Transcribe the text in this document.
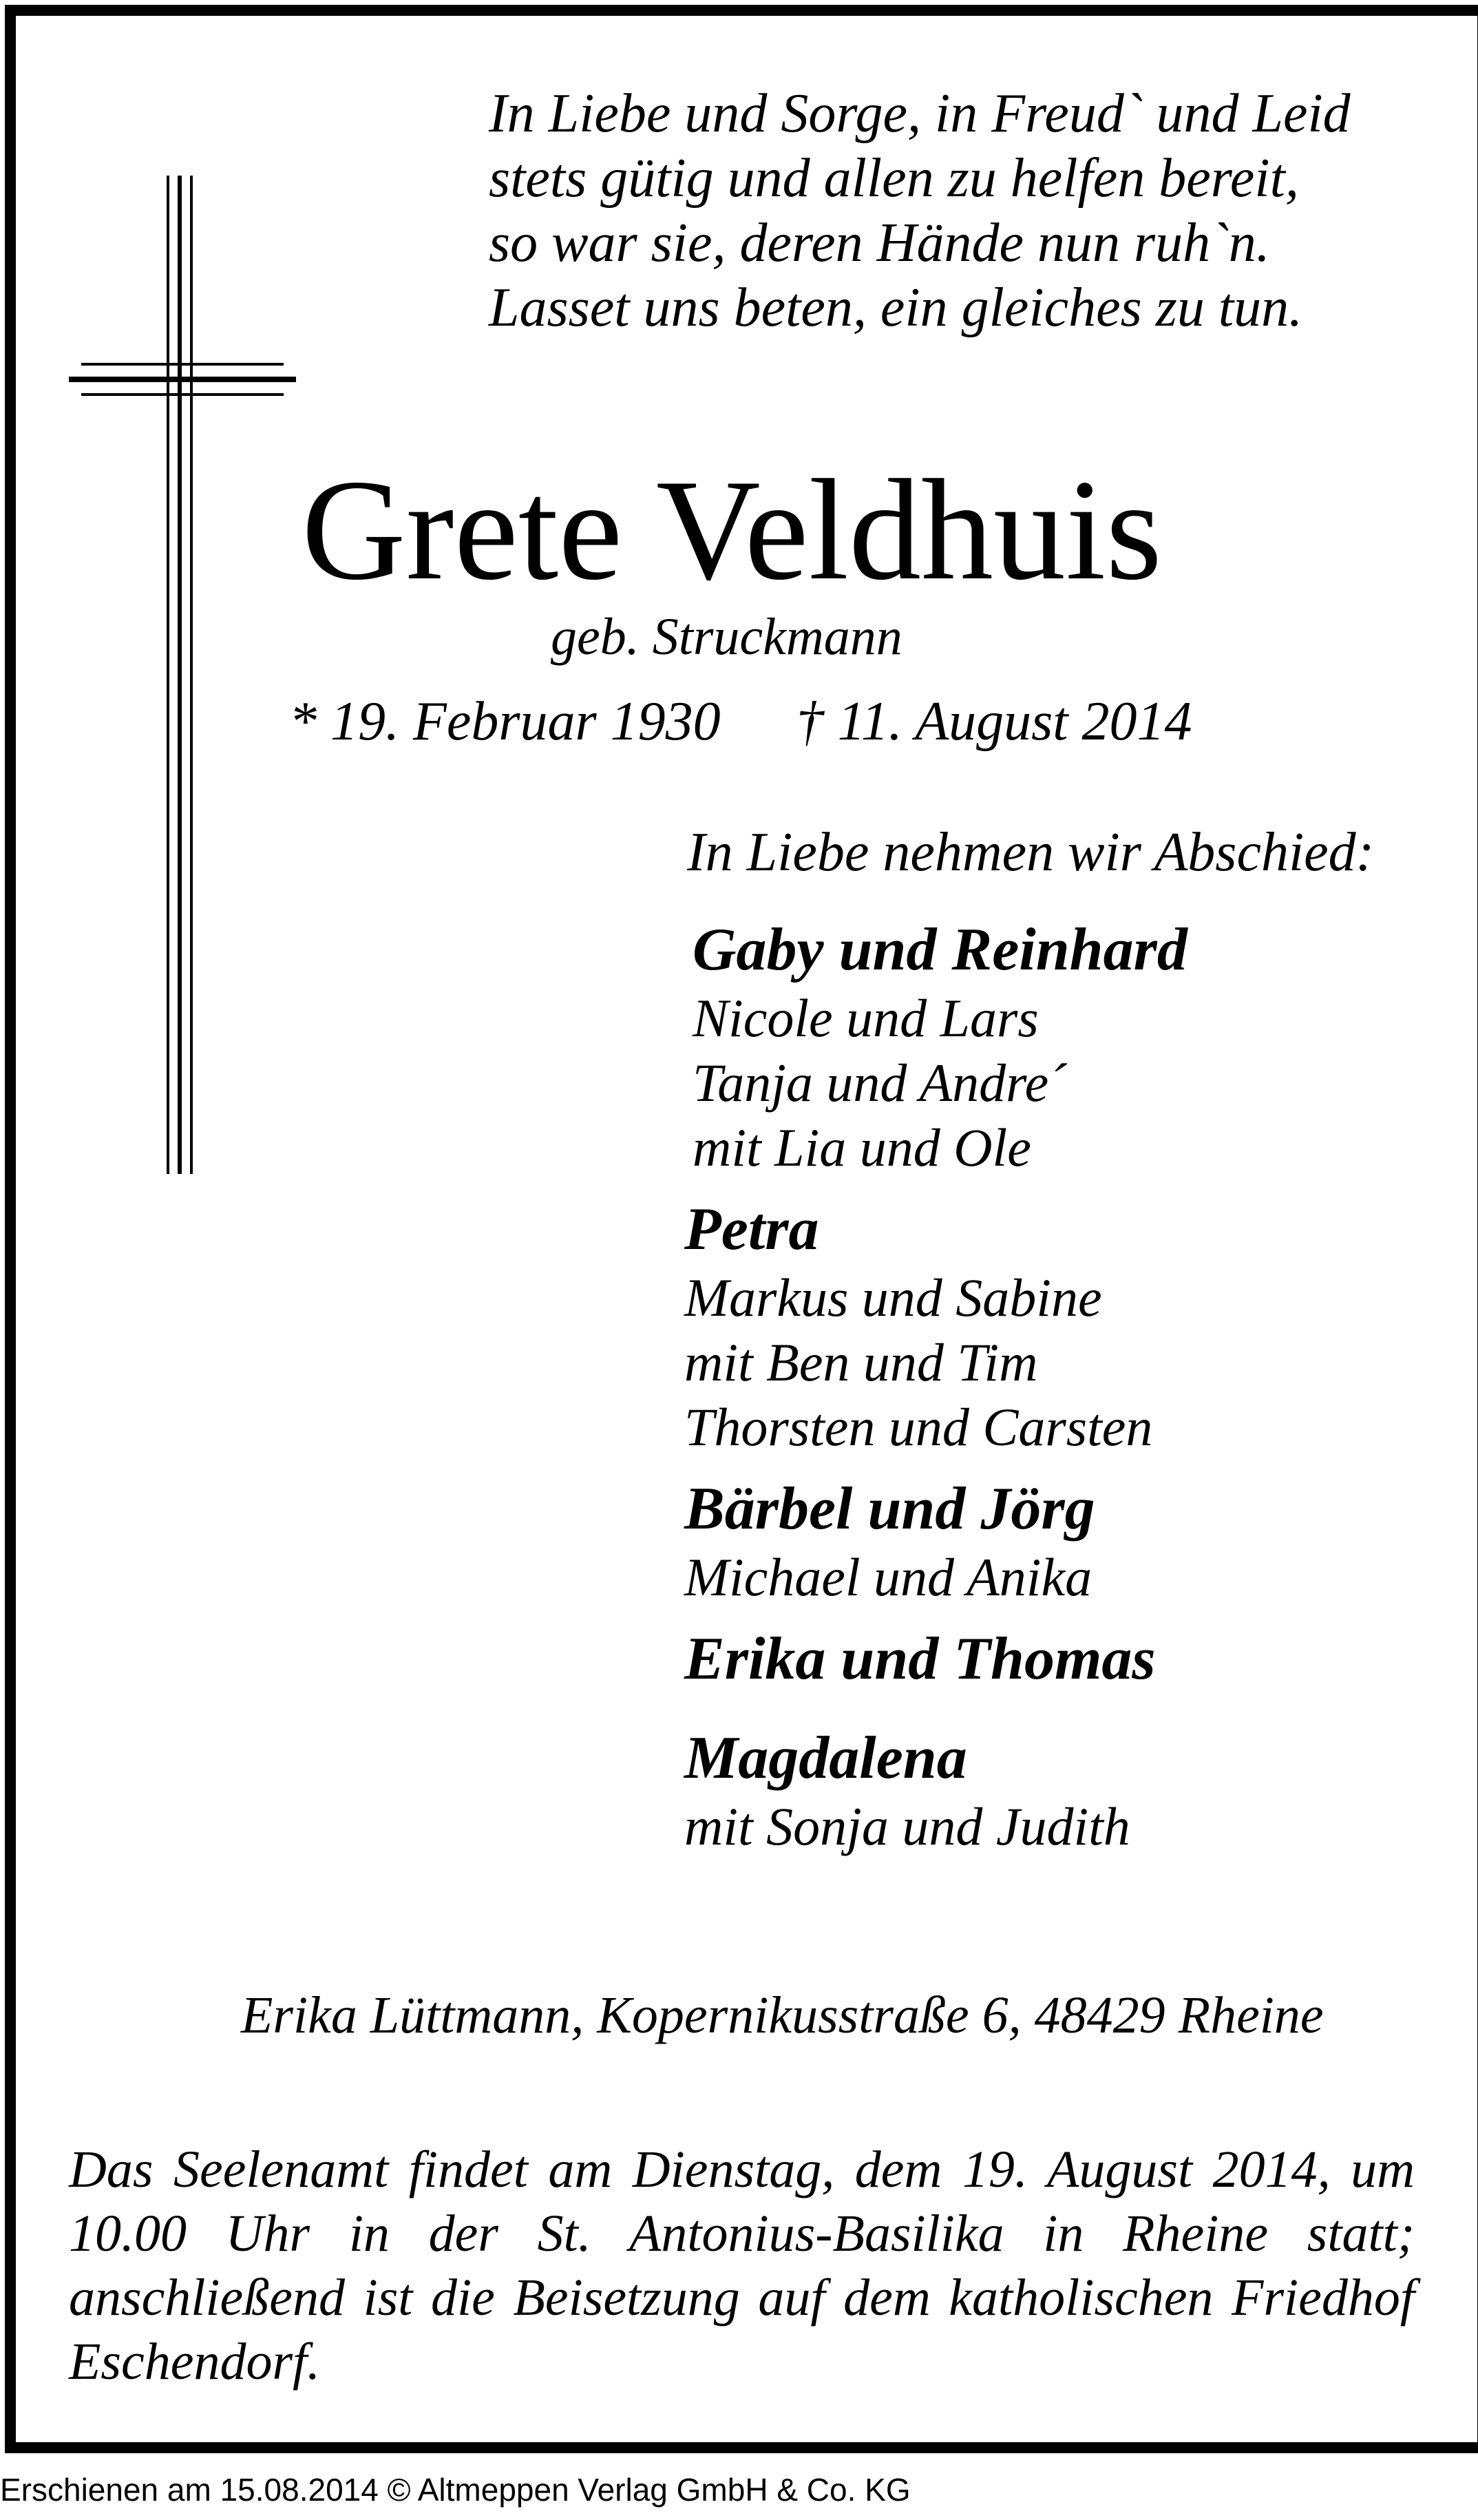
In Liebe und Sorge, in Freud` und Leid
stets gütig und allen zu helfen bereit,
so war sie, deren Hände nun ruh`n.
Lasset uns beten, ein gleiches zu tun.
Grete Veldhuis
geb. Struckmann
* 19. Februar 1930 † 11. August 2014
In Liebe nehmen wir Abschied:
Gaby und Reinhard
Nicole und Lars
Tanja und Andre´
mit Lia und Ole
Petra
Markus und Sabine
mit Ben und Tim
Thorsten und Carsten
Bärbel und Jörg
Michael und Anika
Erika und Thomas
Magdalena
mit Sonja und Judith
Erika Lüttmann, Kopernikusstraße 6, 48429 Rheine
Das Seelenamt findet am Dienstag, dem 19. August 2014, um 10.00 Uhr in der St. Antonius-Basilika in Rheine statt; anschließend ist die Beisetzung auf dem katholischen Friedhof Eschendorf.
Erschienen am 15.08.2014 © Altmeppen Verlag GmbH & Co. KG
